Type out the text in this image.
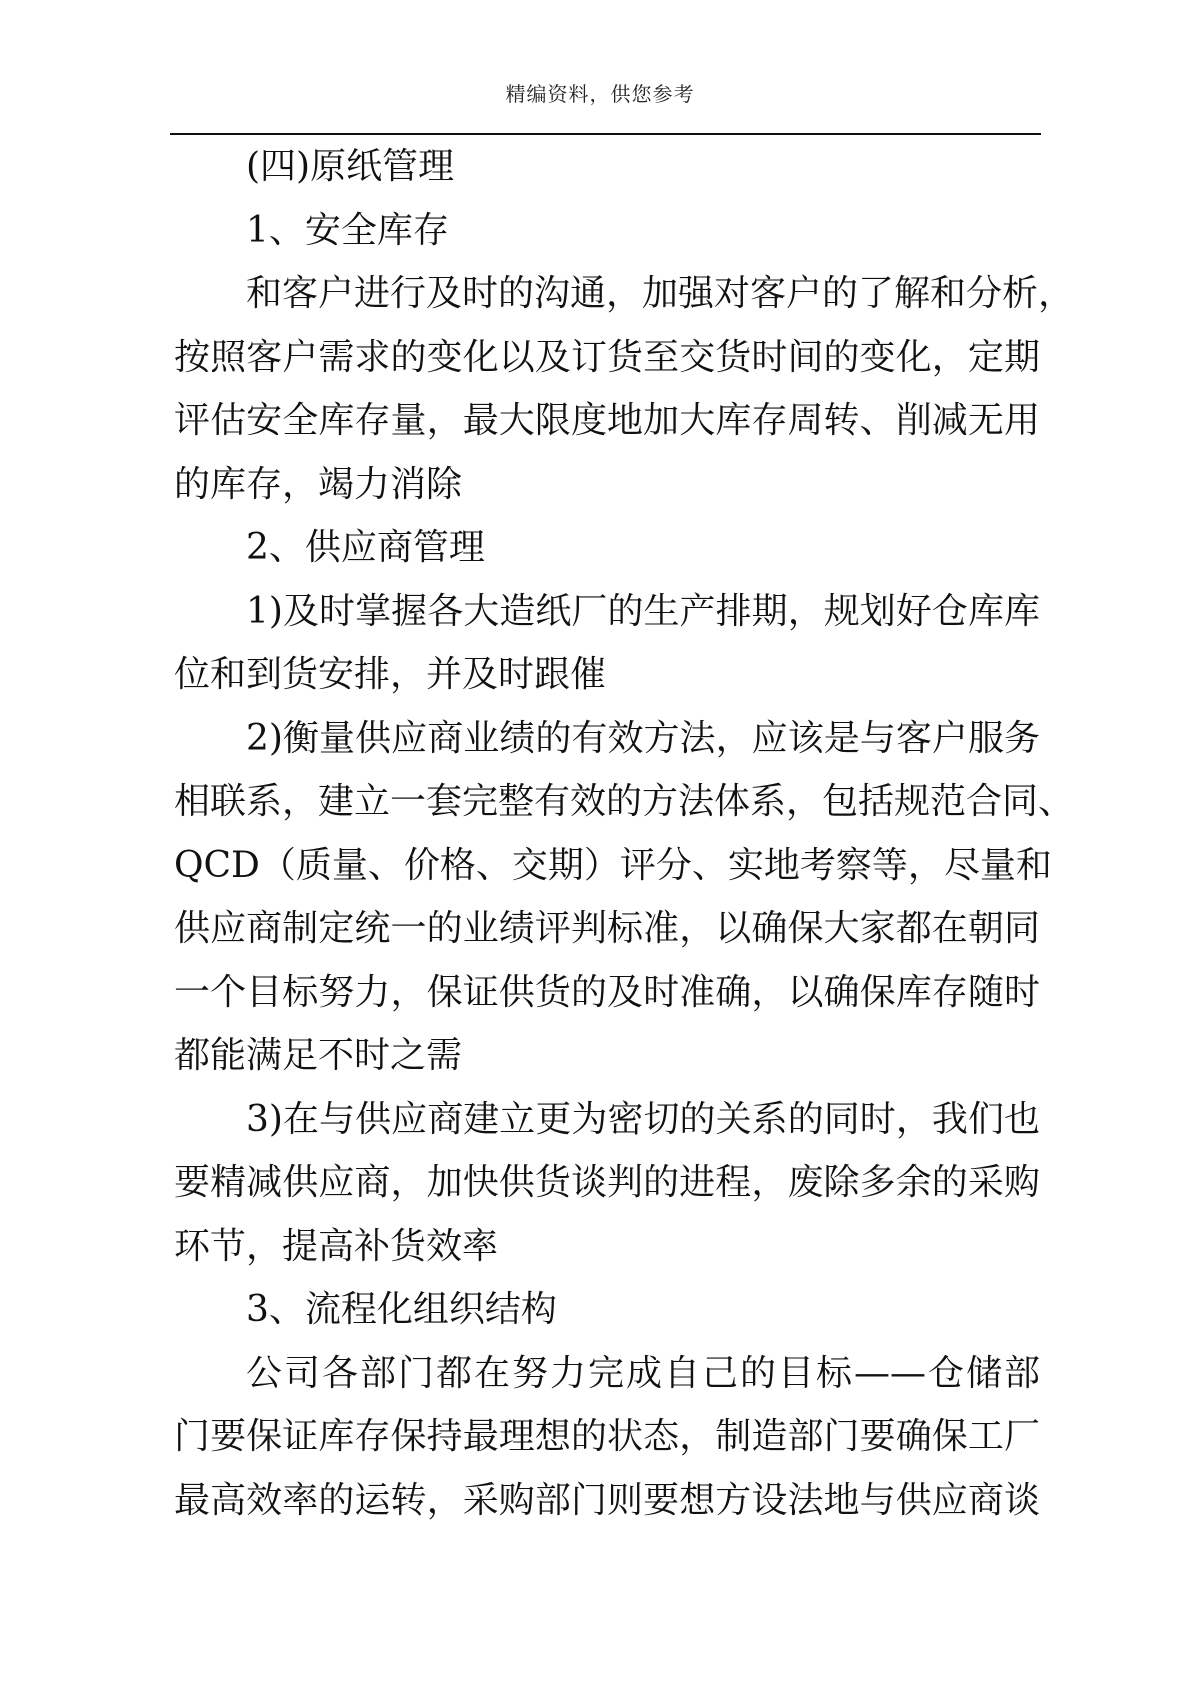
精编资料，供您参考
(四)原纸管理
1、安全库存
和客户进行及时的沟通，加强对客户的了解和分析，
按照客户需求的变化以及订货至交货时间的变化，定期
评估安全库存量，最大限度地加大库存周转、削减无用
的库存，竭力消除
2、供应商管理
1)及时掌握各大造纸厂的生产排期，规划好仓库库
位和到货安排，并及时跟催
2)衡量供应商业绩的有效方法，应该是与客户服务
相联系，建立一套完整有效的方法体系，包括规范合同、
QCD（质量、价格、交期）评分、实地考察等，尽量和
供应商制定统一的业绩评判标准，以确保大家都在朝同
一个目标努力，保证供货的及时准确，以确保库存随时
都能满足不时之需
3)在与供应商建立更为密切的关系的同时，我们也
要精减供应商，加快供货谈判的进程，废除多余的采购
环节，提高补货效率
3、流程化组织结构
公司各部门都在努力完成自己的目标——仓储部
门要保证库存保持最理想的状态，制造部门要确保工厂
最高效率的运转，采购部门则要想方设法地与供应商谈
